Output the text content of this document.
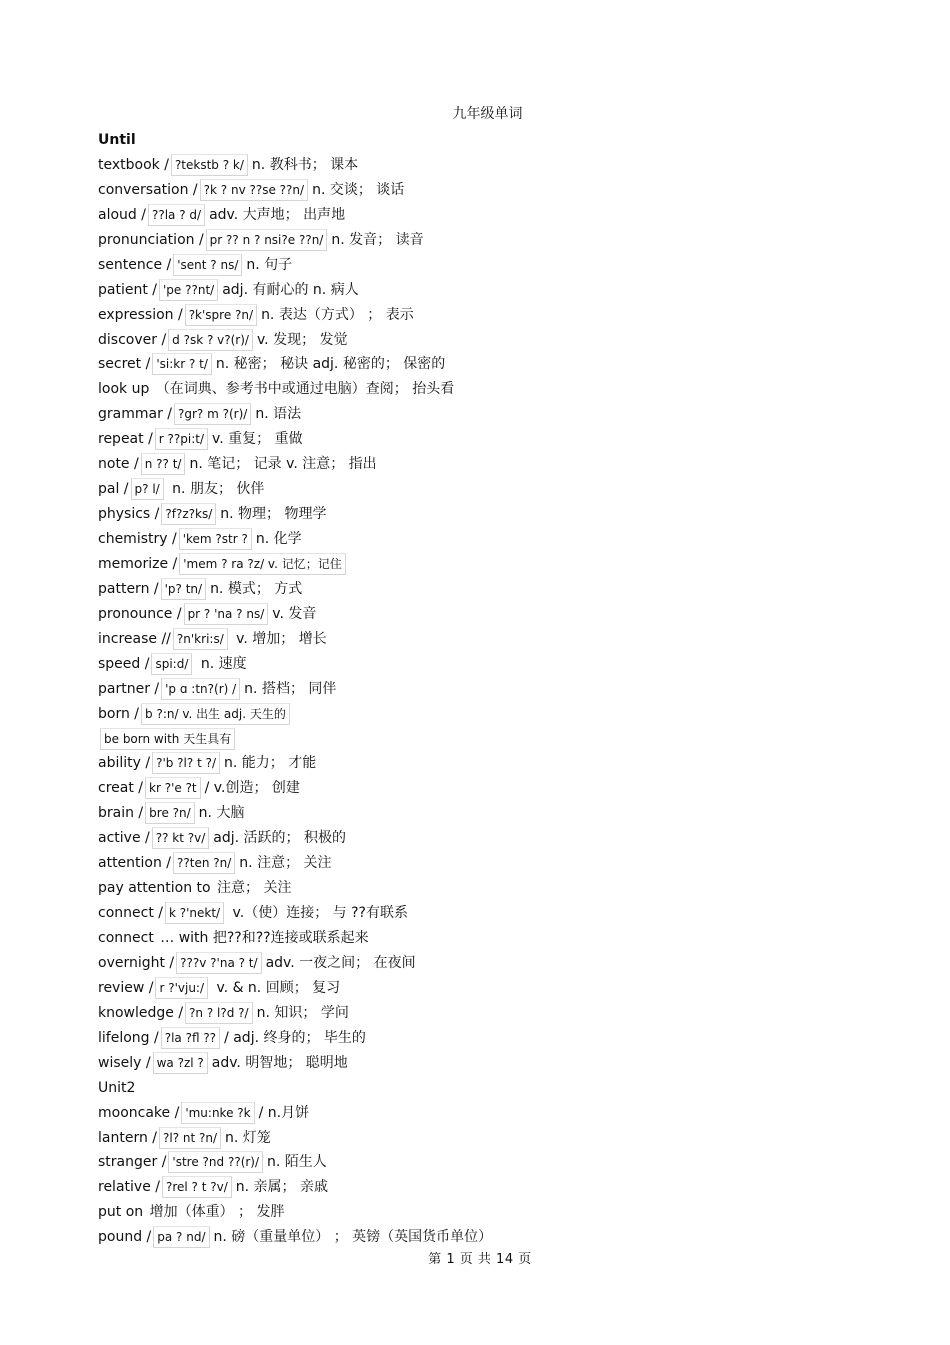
九年级单词
Until
textbook / ?tekstb ? k/ n. 教科书； 课本
conversation / ?k ? nv ??se ??n/ n. 交谈； 谈话
aloud / ??la ? d/ adv. 大声地； 出声地
pronunciation / pr ?? n ? nsi?e ??n/ n. 发音； 读音
sentence / 'sent ? ns/ n. 句子
patient / 'pe ??nt/ adj. 有耐心的 n. 病人
expression / ?k'spre ?n/ n. 表达（方式） ； 表示
discover / d ?sk ? v?(r)/ v. 发现； 发觉
secret / 'si:kr ? t/ n. 秘密； 秘诀 adj. 秘密的； 保密的
look up （在词典、参考书中或通过电脑）查阅； 抬头看
grammar / ?gr? m ?(r)/ n. 语法
repeat / r ??pi:t/ v. 重复； 重做
note / n ?? t/ n. 笔记； 记录 v. 注意； 指出
pal / p? l/ n. 朋友； 伙伴
physics / ?f?z?ks/ n. 物理； 物理学
chemistry / 'kem ?str ? n. 化学
memorize / 'mem ? ra ?z/ v. 记忆；记住
pattern / 'p? tn/ n. 模式； 方式
pronounce / pr ? 'na ? ns/ v. 发音
increase // ?n'kri:s/ v. 增加； 增长
speed / spi:d/ n. 速度
partner / 'p ɑ :tn?(r) / n. 搭档； 同伴
born / b ?:n/ v. 出生 adj. 天生的
be born with 天生具有
ability / ?'b ?l? t ?/ n. 能力； 才能
creat / kr ?'e ?t / v.创造； 创建
brain / bre ?n/ n. 大脑
active / ?? kt ?v/ adj. 活跃的； 积极的
attention / ??ten ?n/ n. 注意； 关注
pay attention to 注意； 关注
connect / k ?'nekt/ v.（使）连接； 与 ??有联系
connect … with 把??和??连接或联系起来
overnight / ???v ?'na ? t/ adv. 一夜之间； 在夜间
review / r ?'vju:/ v. & n. 回顾； 复习
knowledge / ?n ? l?d ?/ n. 知识； 学问
lifelong / ?la ?fl ?? / adj. 终身的； 毕生的
wisely / wa ?zl ? adv. 明智地； 聪明地
Unit2
mooncake / 'mu:nke ?k / n.月饼
lantern / ?l? nt ?n/ n. 灯笼
stranger / 'stre ?nd ??(r)/ n. 陌生人
relative / ?rel ? t ?v/ n. 亲属； 亲戚
put on 增加（体重） ； 发胖
pound / pa ? nd/ n. 磅（重量单位） ； 英镑（英国货币单位）
第 1 页 共 14 页
